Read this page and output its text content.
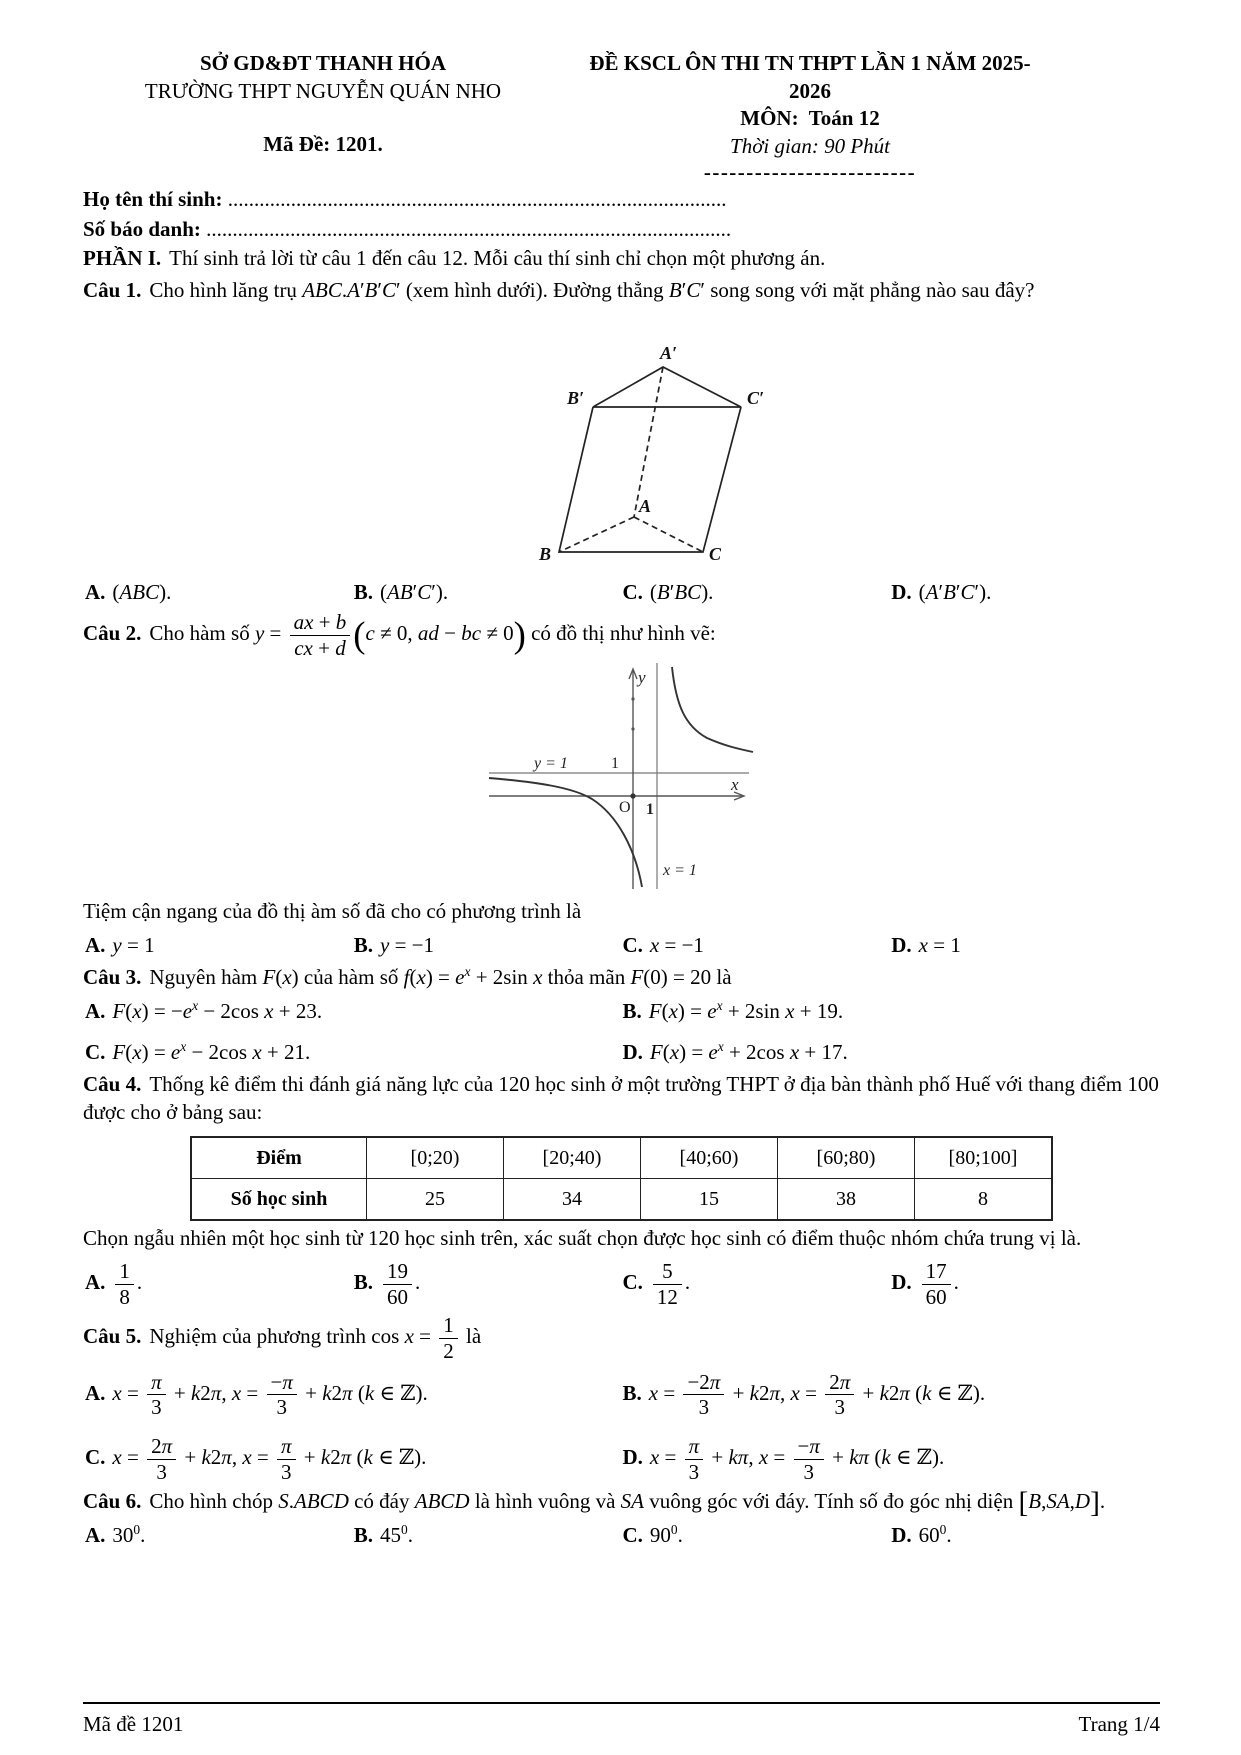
SỞ GD&ĐT THANH HÓA
TRƯỜNG THPT NGUYỄN QUÁN NHO
Mã Đề: 1201.
ĐỀ KSCL ÔN THI TN THPT LẦN 1 NĂM 2025-
2026
MÔN:  Toán 12
Thời gian: 90 Phút
-------------------------
Họ tên thí sinh: ...............................................................................................
Số báo danh: ....................................................................................................
PHẦN I. Thí sinh trả lời từ câu 1 đến câu 12. Mỗi câu thí sinh chỉ chọn một phương án.
Câu 1. Cho hình lăng trụ ABC.A′B′C′ (xem hình dưới). Đường thẳng B′C′ song song với mặt phẳng nào sau đây?
A′
B′	C′
A
B	C
A. (ABC).	B. (AB′C′).	C. (B′BC).	D. (A′B′C′).
Câu 2. Cho hàm số $y = \frac{ax + b}{cx + d} (c \ne 0$, ad − bc ≠ 0) có đồ thị như hình vẽ:
y
x
O 1
1
y = 1
x = 1
Tiệm cận ngang của đồ thị àm số đã cho có phương trình là
A. y = 1	B. y = −1	C. x = −1	D. x = 1
Câu 3. Nguyên hàm F(x) của hàm số $f(x) = e^x + 2\sin$ x thỏa mãn F(0) = 20 là
A. $F(x) = -e^x - 2\cos$ x + 23.	B. $F(x) = e^x + 2\sin$ x + 19.
C. $F(x) = e^x - 2\cos$ x + 21.	D. $F(x) = e^x + 2\cos$ x + 17.
Câu 4. Thống kê điểm thi đánh giá năng lực của 120 học sinh ở một trường THPT ở địa bàn thành phố Huế với thang điểm 100 được cho ở bảng sau:
Điểm	[0;20)	[20;40)	[40;60)	[60;80)	[80;100]
Số học sinh	25	34	15	38	8
Chọn ngẫu nhiên một học sinh từ 120 học sinh trên, xác suất chọn được học sinh có điểm thuộc nhóm chứa trung vị là.
A. $\frac{1}{8}$ .	B. $\frac{19}{60}$ .	C. $\frac{5}{12}$ .	D. $\frac{17}{60}$ .
Câu 5. Nghiệm của phương trình $\cos x = \frac{1}{2}$ là
A. $x = \frac{\pi}{3} + k2\pi$, $x = \frac{-\pi}{3} + k2\pi$ (k ∈ ℤ).	B. $x = \frac{-2\pi}{3} + k2\pi$, $x = \frac{2\pi}{3} + k2\pi$ (k ∈ ℤ).
C. $x = \frac{2\pi}{3} + k2\pi$, $x = \frac{\pi}{3} + k2\pi$ (k ∈ ℤ).	D. $x = \frac{\pi}{3} + k\pi$, $x = \frac{-\pi}{3} + k\pi$ (k ∈ ℤ).
Câu 6. Cho hình chóp S.ABCD có đáy ABCD là hình vuông và SA vuông góc với đáy. Tính số đo góc nhị diện [B,SA,D].
A. $30^0$.	B. $45^0$.	C. $90^0$.	D. $60^0$.
Mã đề 1201	Trang 1/4
